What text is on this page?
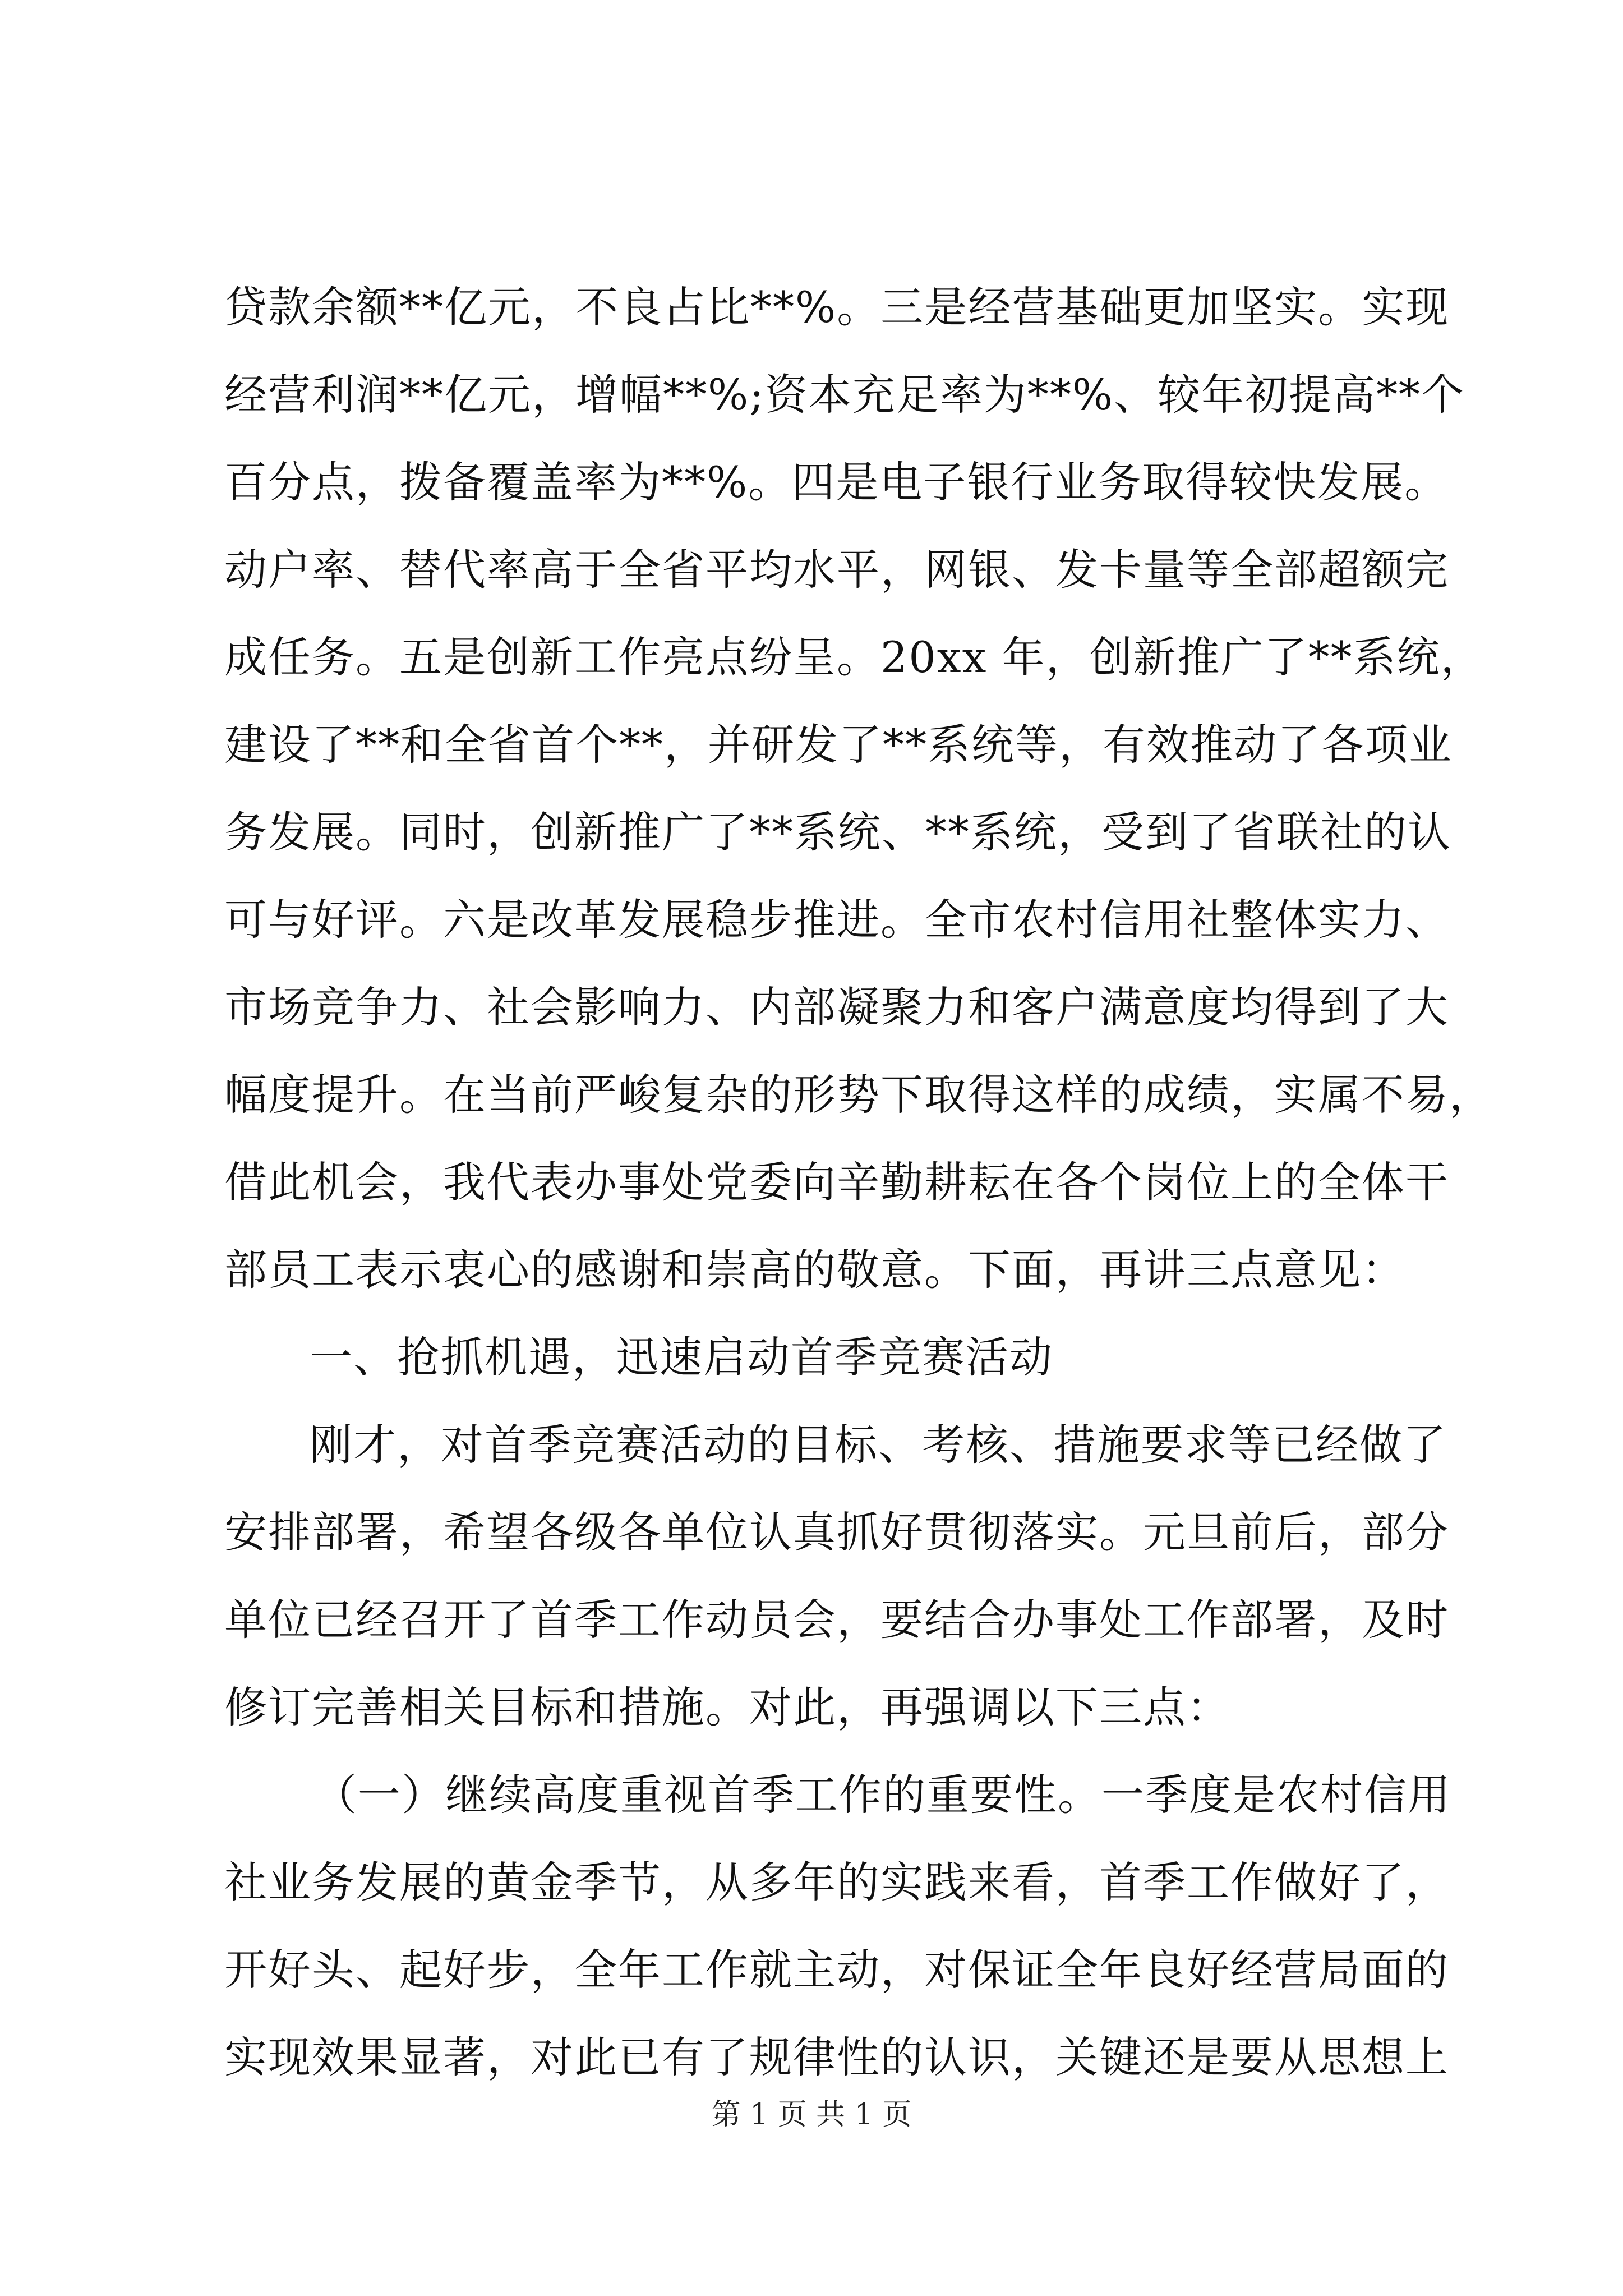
贷款余额**亿元，不良占比**%。三是经营基础更加坚实。实现
经营利润**亿元，增幅**%;资本充足率为**%、较年初提高**个
百分点，拨备覆盖率为**%。四是电子银行业务取得较快发展。
动户率、替代率高于全省平均水平，网银、发卡量等全部超额完
成任务。五是创新工作亮点纷呈。20xx 年，创新推广了**系统，
建设了**和全省首个**，并研发了**系统等，有效推动了各项业
务发展。同时，创新推广了**系统、**系统，受到了省联社的认
可与好评。六是改革发展稳步推进。全市农村信用社整体实力、
市场竞争力、社会影响力、内部凝聚力和客户满意度均得到了大
幅度提升。在当前严峻复杂的形势下取得这样的成绩，实属不易，
借此机会，我代表办事处党委向辛勤耕耘在各个岗位上的全体干
部员工表示衷心的感谢和崇高的敬意。下面，再讲三点意见：
一、抢抓机遇，迅速启动首季竞赛活动
刚才，对首季竞赛活动的目标、考核、措施要求等已经做了
安排部署，希望各级各单位认真抓好贯彻落实。元旦前后，部分
单位已经召开了首季工作动员会，要结合办事处工作部署，及时
修订完善相关目标和措施。对此，再强调以下三点：
（一）继续高度重视首季工作的重要性。一季度是农村信用
社业务发展的黄金季节，从多年的实践来看，首季工作做好了，
开好头、起好步，全年工作就主动，对保证全年良好经营局面的
实现效果显著，对此已有了规律性的认识，关键还是要从思想上
第 1 页 共 1 页
